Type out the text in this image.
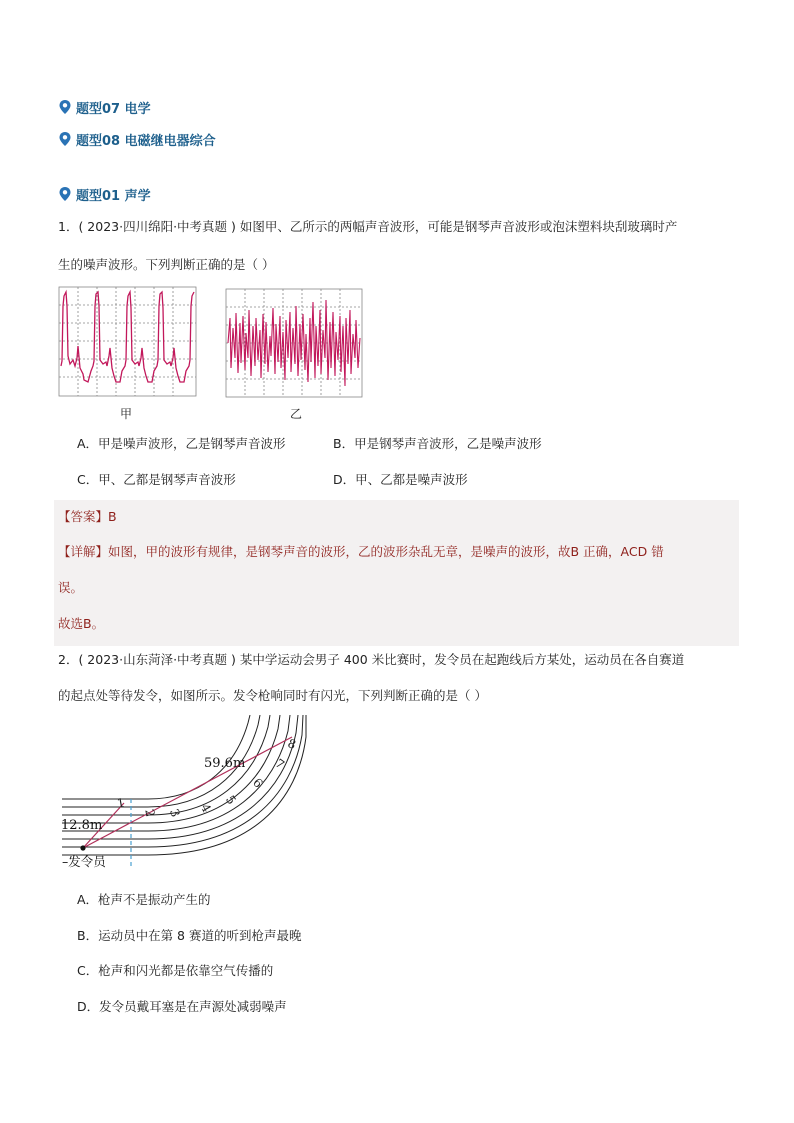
题型07 电学
题型08 电磁继电器综合
题型01 声学
1．( 2023·四川绵阳·中考真题 ) 如图甲、乙所示的两幅声音波形，可能是钢琴声音波形或泡沫塑料块刮玻璃时产
生的噪声波形。下列判断正确的是（ ）
甲	乙
A．甲是噪声波形，乙是钢琴声音波形	B．甲是钢琴声音波形，乙是噪声波形
C．甲、乙都是钢琴声音波形	D．甲、乙都是噪声波形
【答案】B
【详解】如图，甲的波形有规律，是钢琴声音的波形，乙的波形杂乱无章，是噪声的波形，故B 正确，ACD 错
误。
故选B。
2．( 2023·山东菏泽·中考真题 ) 某中学运动会男子 400 米比赛时，发令员在起跑线后方某处，运动员在各自赛道
的起点处等待发令，如图所示。发令枪响同时有闪光，下列判断正确的是（ ）
1
2 3 4
5
6
7
8
59.6m
12.8m
–发令员
A．枪声不是振动产生的
B．运动员中在第 8 赛道的听到枪声最晚
C．枪声和闪光都是依靠空气传播的
D．发令员戴耳塞是在声源处减弱噪声
